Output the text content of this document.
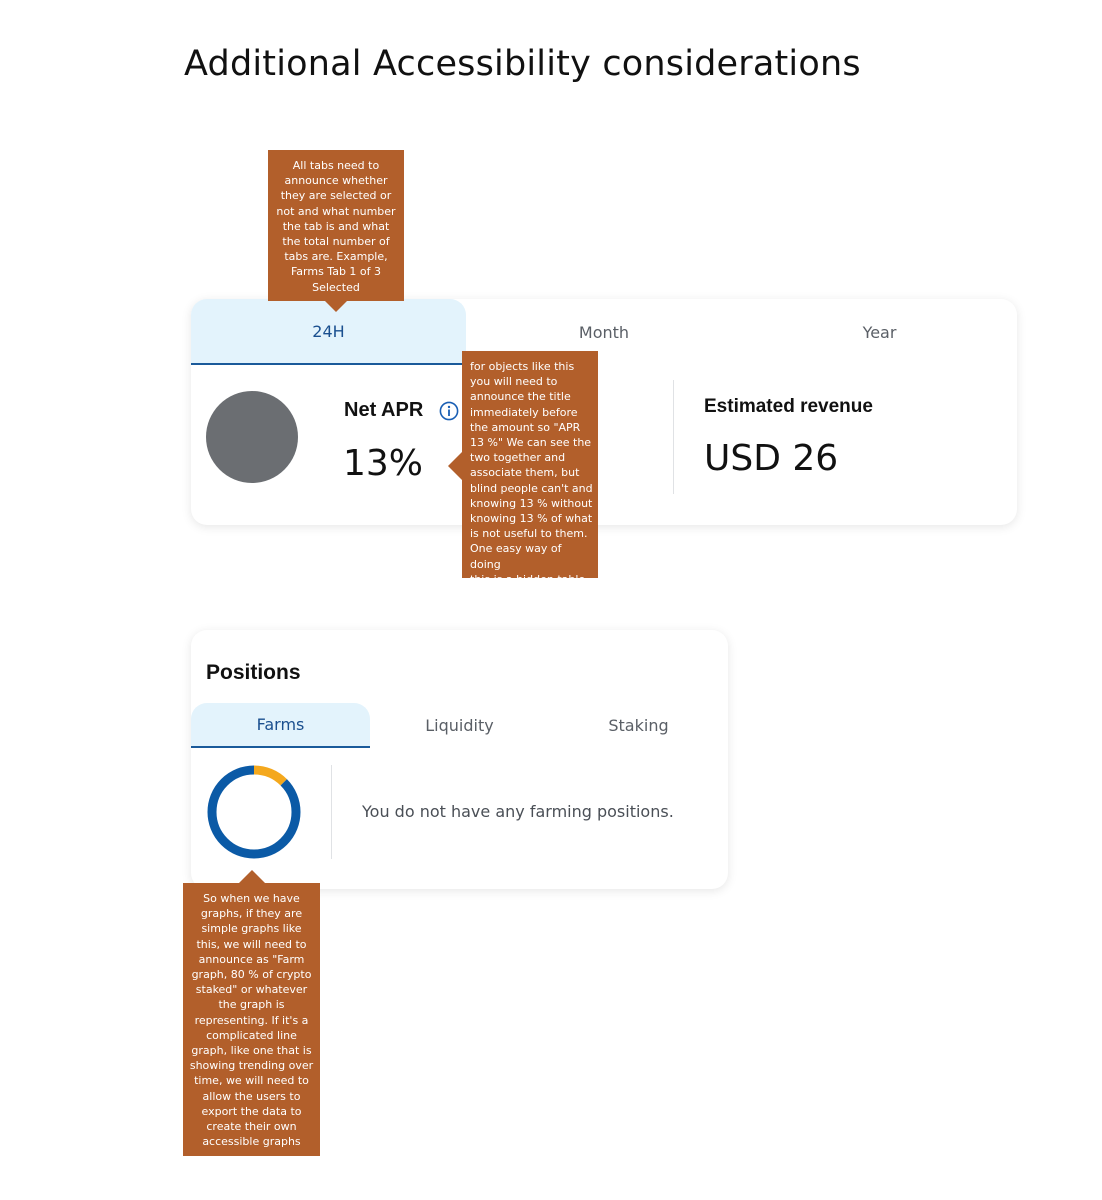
Additional Accessibility considerations
24H	Month	Year
Net APR
13%
Estimated revenue
USD 26
Positions
Farms	Liquidity	Staking
You do not have any farming positions.
All tabs need to
announce whether
they are selected or
not and what number
the tab is and what
the total number of
tabs are. Example,
Farms Tab 1 of 3
Selected
for objects like this
you will need to
announce the title
immediately before
the amount so "APR
13 %" We can see the
two together and
associate them, but
blind people can't and
knowing 13 % without
knowing 13 % of what
is not useful to them.
One easy way of doing
this is a hidden table
So when we have
graphs, if they are
simple graphs like
this, we will need to
announce as "Farm
graph, 80 % of crypto
staked" or whatever
the graph is
representing. If it's a
complicated line
graph, like one that is
showing trending over
time, we will need to
allow the users to
export the data to
create their own
accessible graphs
